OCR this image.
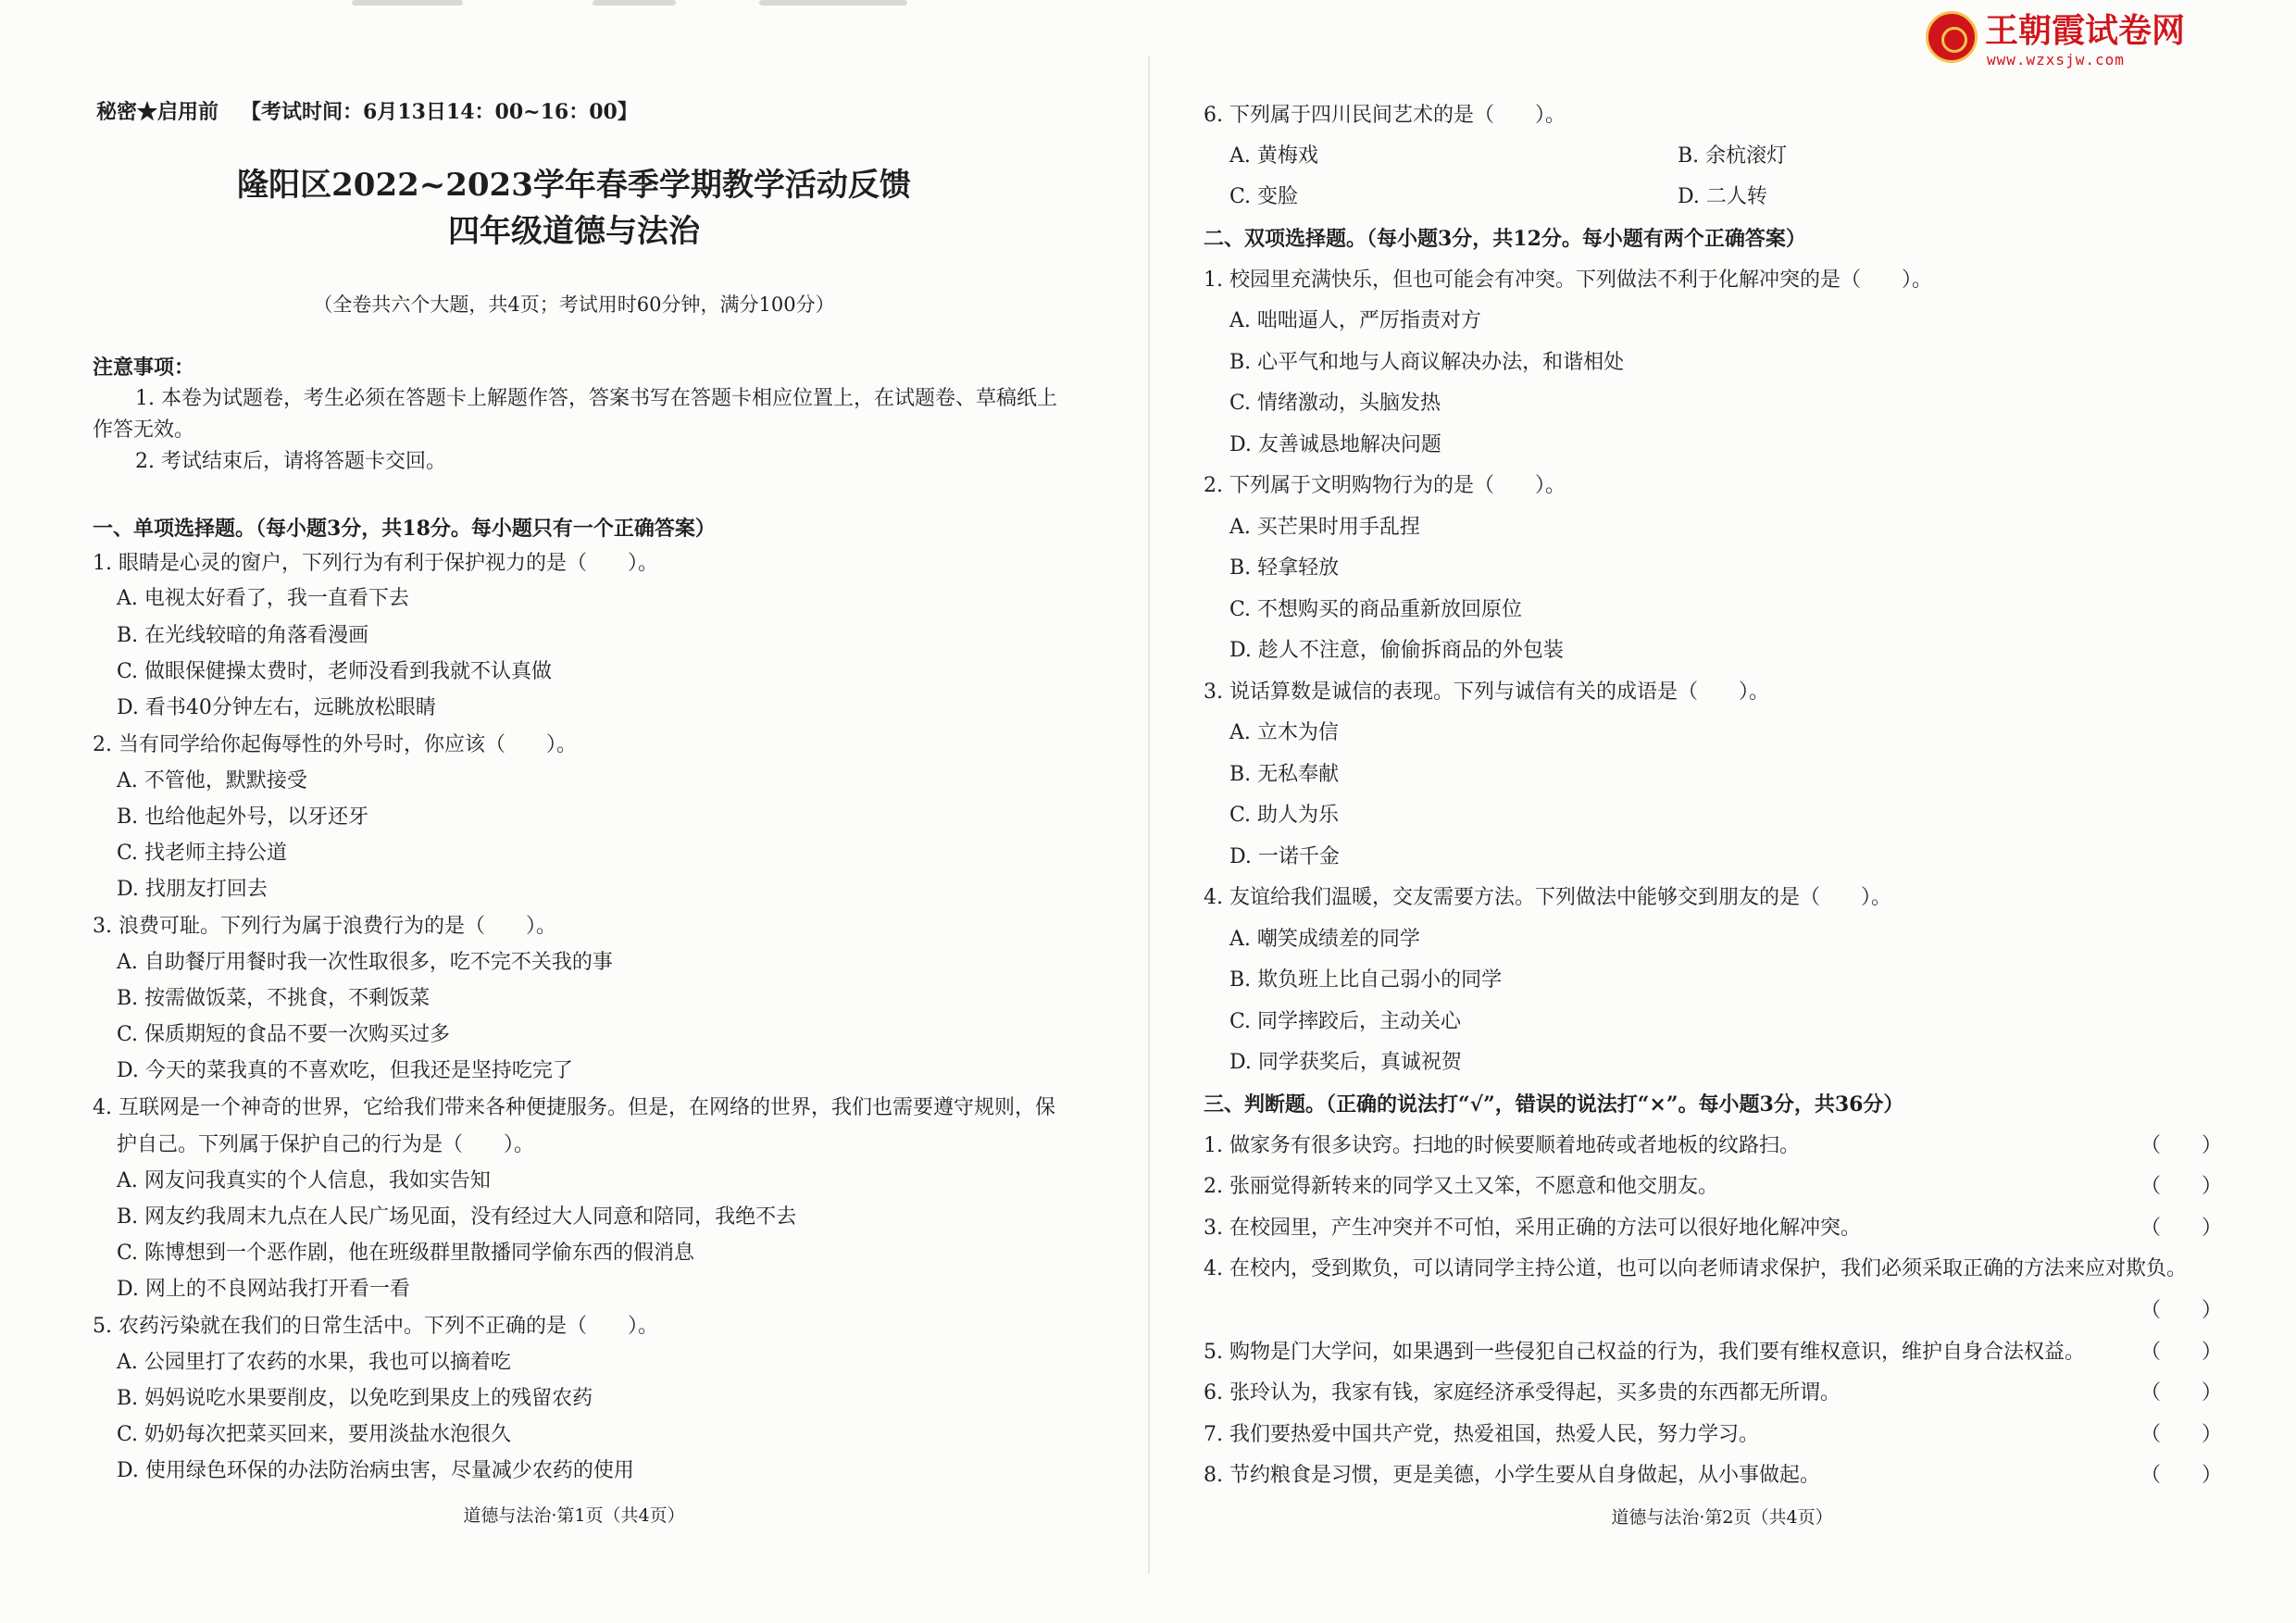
王朝霞试卷网
www.wzxsjw.com
秘密★启用前 【考试时间：6月13日14：00~16：00】
隆阳区2022~2023学年春季学期教学活动反馈
四年级道德与法治
（全卷共六个大题，共4页；考试用时60分钟，满分100分）
注意事项：
1. 本卷为试题卷，考生必须在答题卡上解题作答，答案书写在答题卡相应位置上，在试题卷、草稿纸上
作答无效。
2. 考试结束后，请将答题卡交回。
一、单项选择题。（每小题3分，共18分。每小题只有一个正确答案）
1. 眼睛是心灵的窗户，下列行为有利于保护视力的是（　　）。
A. 电视太好看了，我一直看下去
B. 在光线较暗的角落看漫画
C. 做眼保健操太费时，老师没看到我就不认真做
D. 看书40分钟左右，远眺放松眼睛
2. 当有同学给你起侮辱性的外号时，你应该（　　）。
A. 不管他，默默接受
B. 也给他起外号，以牙还牙
C. 找老师主持公道
D. 找朋友打回去
3. 浪费可耻。下列行为属于浪费行为的是（　　）。
A. 自助餐厅用餐时我一次性取很多，吃不完不关我的事
B. 按需做饭菜，不挑食，不剩饭菜
C. 保质期短的食品不要一次购买过多
D. 今天的菜我真的不喜欢吃，但我还是坚持吃完了
4. 互联网是一个神奇的世界，它给我们带来各种便捷服务。但是，在网络的世界，我们也需要遵守规则，保
护自己。下列属于保护自己的行为是（　　）。
A. 网友问我真实的个人信息，我如实告知
B. 网友约我周末九点在人民广场见面，没有经过大人同意和陪同，我绝不去
C. 陈博想到一个恶作剧，他在班级群里散播同学偷东西的假消息
D. 网上的不良网站我打开看一看
5. 农药污染就在我们的日常生活中。下列不正确的是（　　）。
A. 公园里打了农药的水果，我也可以摘着吃
B. 妈妈说吃水果要削皮，以免吃到果皮上的残留农药
C. 奶奶每次把菜买回来，要用淡盐水泡很久
D. 使用绿色环保的办法防治病虫害，尽量减少农药的使用
道德与法治·第1页（共4页）
6. 下列属于四川民间艺术的是（　　）。
A. 黄梅戏	B. 余杭滚灯
C. 变脸	D. 二人转
二、双项选择题。（每小题3分，共12分。每小题有两个正确答案）
1. 校园里充满快乐，但也可能会有冲突。下列做法不利于化解冲突的是（　　）。
A. 咄咄逼人，严厉指责对方
B. 心平气和地与人商议解决办法，和谐相处
C. 情绪激动，头脑发热
D. 友善诚恳地解决问题
2. 下列属于文明购物行为的是（　　）。
A. 买芒果时用手乱捏
B. 轻拿轻放
C. 不想购买的商品重新放回原位
D. 趁人不注意，偷偷拆商品的外包装
3. 说话算数是诚信的表现。下列与诚信有关的成语是（　　）。
A. 立木为信
B. 无私奉献
C. 助人为乐
D. 一诺千金
4. 友谊给我们温暖，交友需要方法。下列做法中能够交到朋友的是（　　）。
A. 嘲笑成绩差的同学
B. 欺负班上比自己弱小的同学
C. 同学摔跤后，主动关心
D. 同学获奖后，真诚祝贺
三、判断题。（正确的说法打“√”，错误的说法打“×”。每小题3分，共36分）
1. 做家务有很多诀窍。扫地的时候要顺着地砖或者地板的纹路扫。	（　　）
2. 张丽觉得新转来的同学又土又笨，不愿意和他交朋友。	（　　）
3. 在校园里，产生冲突并不可怕，采用正确的方法可以很好地化解冲突。	（　　）
4. 在校内，受到欺负，可以请同学主持公道，也可以向老师请求保护，我们必须采取正确的方法来应对欺负。
（　　）
5. 购物是门大学问，如果遇到一些侵犯自己权益的行为，我们要有维权意识，维护自身合法权益。	（　　）
6. 张玲认为，我家有钱，家庭经济承受得起，买多贵的东西都无所谓。	（　　）
7. 我们要热爱中国共产党，热爱祖国，热爱人民，努力学习。	（　　）
8. 节约粮食是习惯，更是美德，小学生要从自身做起，从小事做起。	（　　）
道德与法治·第2页（共4页）
